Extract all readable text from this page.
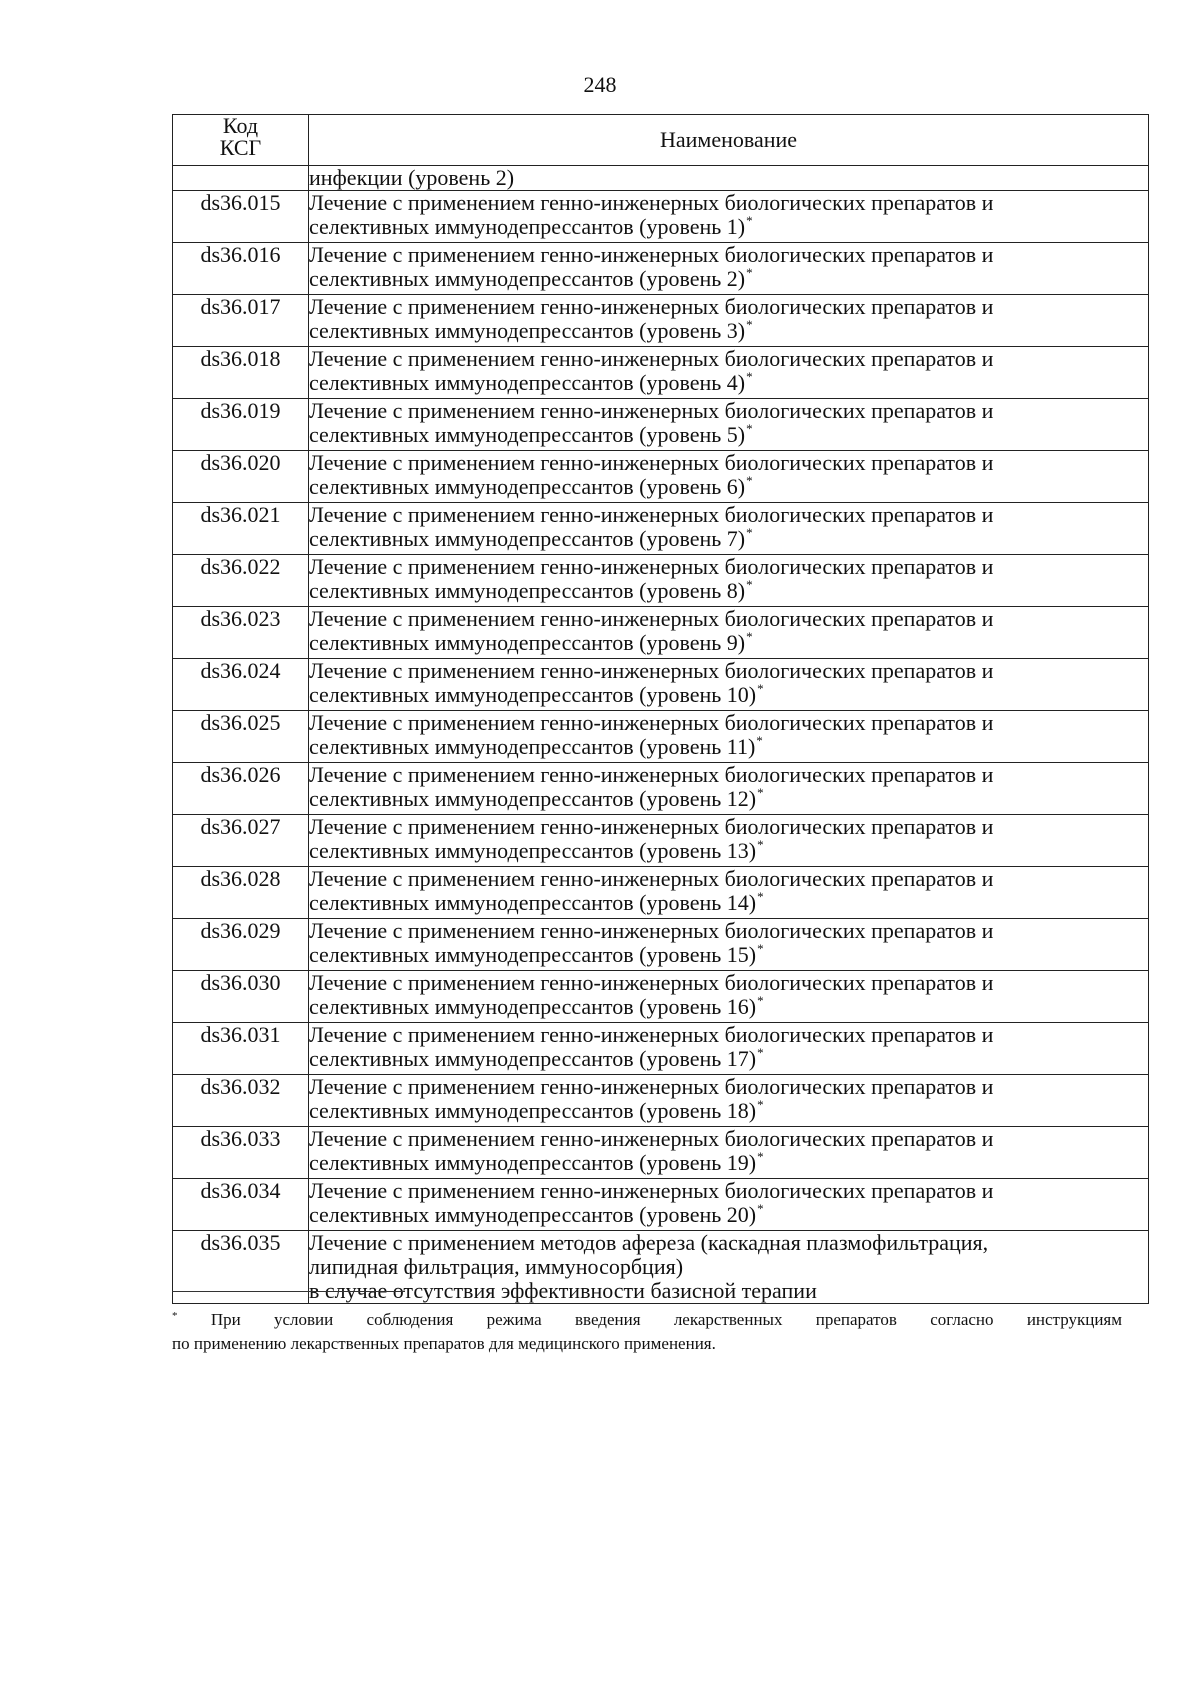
248
Код
КСГ	Наименование
	инфекции (уровень 2)
ds36.015	Лечение с применением генно-инженерных биологических препаратов и
селективных иммунодепрессантов (уровень 1)*

ds36.016	Лечение с применением генно-инженерных биологических препаратов и
селективных иммунодепрессантов (уровень 2)*

ds36.017	Лечение с применением генно-инженерных биологических препаратов и
селективных иммунодепрессантов (уровень 3)*

ds36.018	Лечение с применением генно-инженерных биологических препаратов и
селективных иммунодепрессантов (уровень 4)*

ds36.019	Лечение с применением генно-инженерных биологических препаратов и
селективных иммунодепрессантов (уровень 5)*

ds36.020	Лечение с применением генно-инженерных биологических препаратов и
селективных иммунодепрессантов (уровень 6)*

ds36.021	Лечение с применением генно-инженерных биологических препаратов и
селективных иммунодепрессантов (уровень 7)*

ds36.022	Лечение с применением генно-инженерных биологических препаратов и
селективных иммунодепрессантов (уровень 8)*

ds36.023	Лечение с применением генно-инженерных биологических препаратов и
селективных иммунодепрессантов (уровень 9)*

ds36.024	Лечение с применением генно-инженерных биологических препаратов и
селективных иммунодепрессантов (уровень 10)*

ds36.025	Лечение с применением генно-инженерных биологических препаратов и
селективных иммунодепрессантов (уровень 11)*

ds36.026	Лечение с применением генно-инженерных биологических препаратов и
селективных иммунодепрессантов (уровень 12)*

ds36.027	Лечение с применением генно-инженерных биологических препаратов и
селективных иммунодепрессантов (уровень 13)*

ds36.028	Лечение с применением генно-инженерных биологических препаратов и
селективных иммунодепрессантов (уровень 14)*

ds36.029	Лечение с применением генно-инженерных биологических препаратов и
селективных иммунодепрессантов (уровень 15)*

ds36.030	Лечение с применением генно-инженерных биологических препаратов и
селективных иммунодепрессантов (уровень 16)*

ds36.031	Лечение с применением генно-инженерных биологических препаратов и
селективных иммунодепрессантов (уровень 17)*

ds36.032	Лечение с применением генно-инженерных биологических препаратов и
селективных иммунодепрессантов (уровень 18)*

ds36.033	Лечение с применением генно-инженерных биологических препаратов и
селективных иммунодепрессантов (уровень 19)*

ds36.034	Лечение с применением генно-инженерных биологических препаратов и
селективных иммунодепрессантов (уровень 20)*

ds36.035	Лечение с применением методов афереза (каскадная плазмофильтрация,
липидная фильтрация, иммуносорбция)
в случае отсутствия эффективности базисной терапии
* При условии соблюдения режима введения лекарственных препаратов согласно инструкциям
по применению лекарственных препаратов для медицинского применения.
